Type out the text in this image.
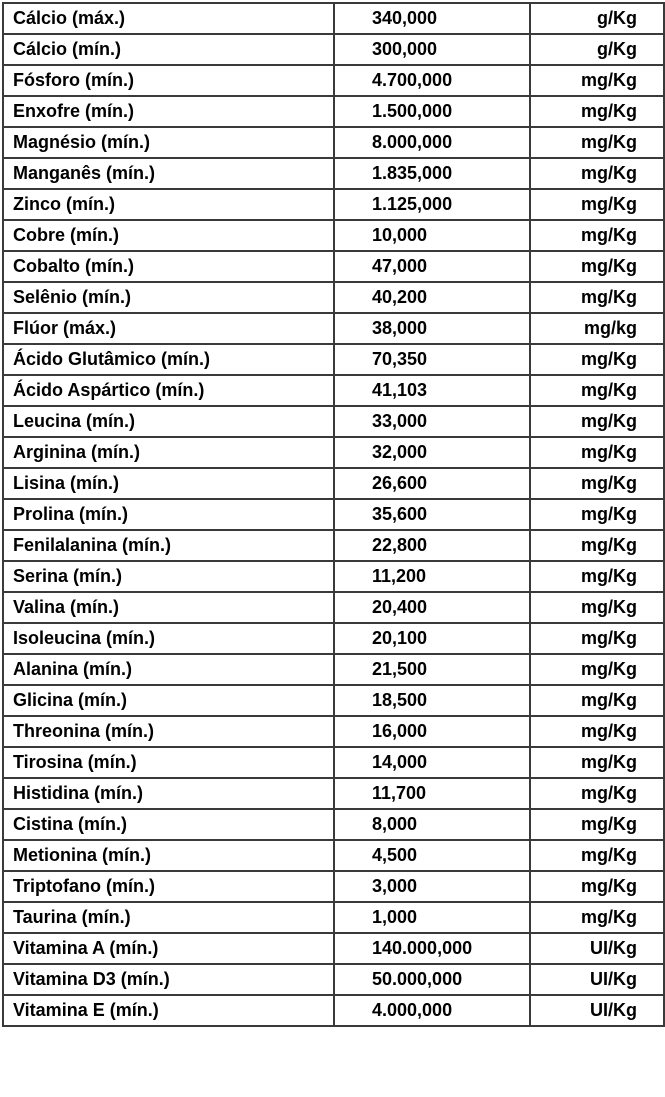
Cálcio (máx.)	340,000	g/Kg
Cálcio (mín.)	300,000	g/Kg
Fósforo (mín.)	4.700,000	mg/Kg
Enxofre (mín.)	1.500,000	mg/Kg
Magnésio (mín.)	8.000,000	mg/Kg
Manganês (mín.)	1.835,000	mg/Kg
Zinco (mín.)	1.125,000	mg/Kg
Cobre (mín.)	10,000	mg/Kg
Cobalto (mín.)	47,000	mg/Kg
Selênio (mín.)	40,200	mg/Kg
Flúor (máx.)	38,000	mg/kg
Ácido Glutâmico (mín.)	70,350	mg/Kg
Ácido Aspártico (mín.)	41,103	mg/Kg
Leucina (mín.)	33,000	mg/Kg
Arginina (mín.)	32,000	mg/Kg
Lisina (mín.)	26,600	mg/Kg
Prolina (mín.)	35,600	mg/Kg
Fenilalanina (mín.)	22,800	mg/Kg
Serina (mín.)	11,200	mg/Kg
Valina (mín.)	20,400	mg/Kg
Isoleucina (mín.)	20,100	mg/Kg
Alanina (mín.)	21,500	mg/Kg
Glicina (mín.)	18,500	mg/Kg
Threonina (mín.)	16,000	mg/Kg
Tirosina (mín.)	14,000	mg/Kg
Histidina (mín.)	11,700	mg/Kg
Cistina (mín.)	8,000	mg/Kg
Metionina (mín.)	4,500	mg/Kg
Triptofano (mín.)	3,000	mg/Kg
Taurina (mín.)	1,000	mg/Kg
Vitamina A (mín.)	140.000,000	UI/Kg
Vitamina D3 (mín.)	50.000,000	UI/Kg
Vitamina E (mín.)	4.000,000	UI/Kg
